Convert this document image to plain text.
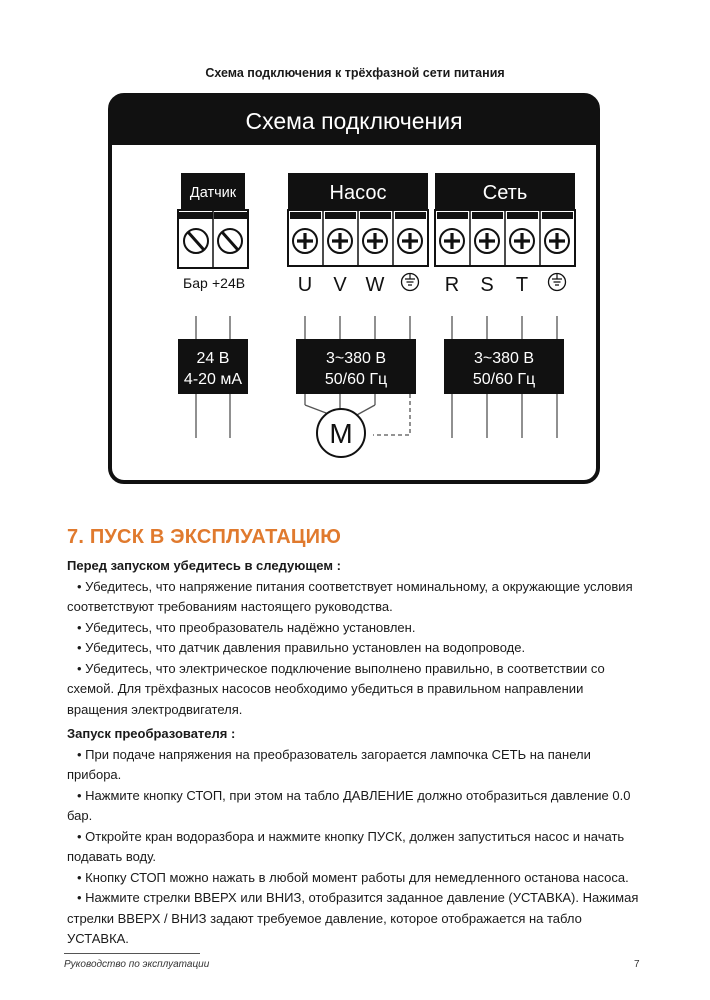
Схема подключения к трёхфазной сети питания
Схема подключения
Датчик
Бар +24В
Насос
U V W
Сеть
R S T
24 В
4-20 мА
3~380 В
50/60 Гц
3~380 В
50/60 Гц
M
7. ПУСК В ЭКСПЛУАТАЦИЮ

Перед запуском убедитесь в следующем :

• Убедитесь, что напряжение питания соответствует номинальному, а окружающие условия соответствуют требованиям настоящего руководства.

• Убедитесь, что преобразователь надёжно установлен.

• Убедитесь, что датчик давления правильно установлен на водопроводе.

• Убедитесь, что электрическое подключение выполнено правильно, в соответствии со схемой. Для трёхфазных насосов необходимо убедиться в правильном направлении вращения электродвигателя.

Запуск преобразователя :

• При подаче напряжения на преобразователь загорается лампочка СЕТЬ на панели прибора.

• Нажмите кнопку СТОП, при этом на табло ДАВЛЕНИЕ должно отобразиться давление 0.0 бар.

• Откройте кран водоразбора и нажмите кнопку ПУСК, должен запуститься насос и начать подавать воду.

• Кнопку СТОП можно нажать в любой момент работы для немедленного останова насоса.

• Нажмите стрелки ВВЕРХ или ВНИЗ, отобразится заданное давление (УСТАВКА). Нажимая стрелки ВВЕРХ / ВНИЗ задают требуемое давление, которое отображается на табло УСТАВКА.

Руководство по эксплуатации	7
